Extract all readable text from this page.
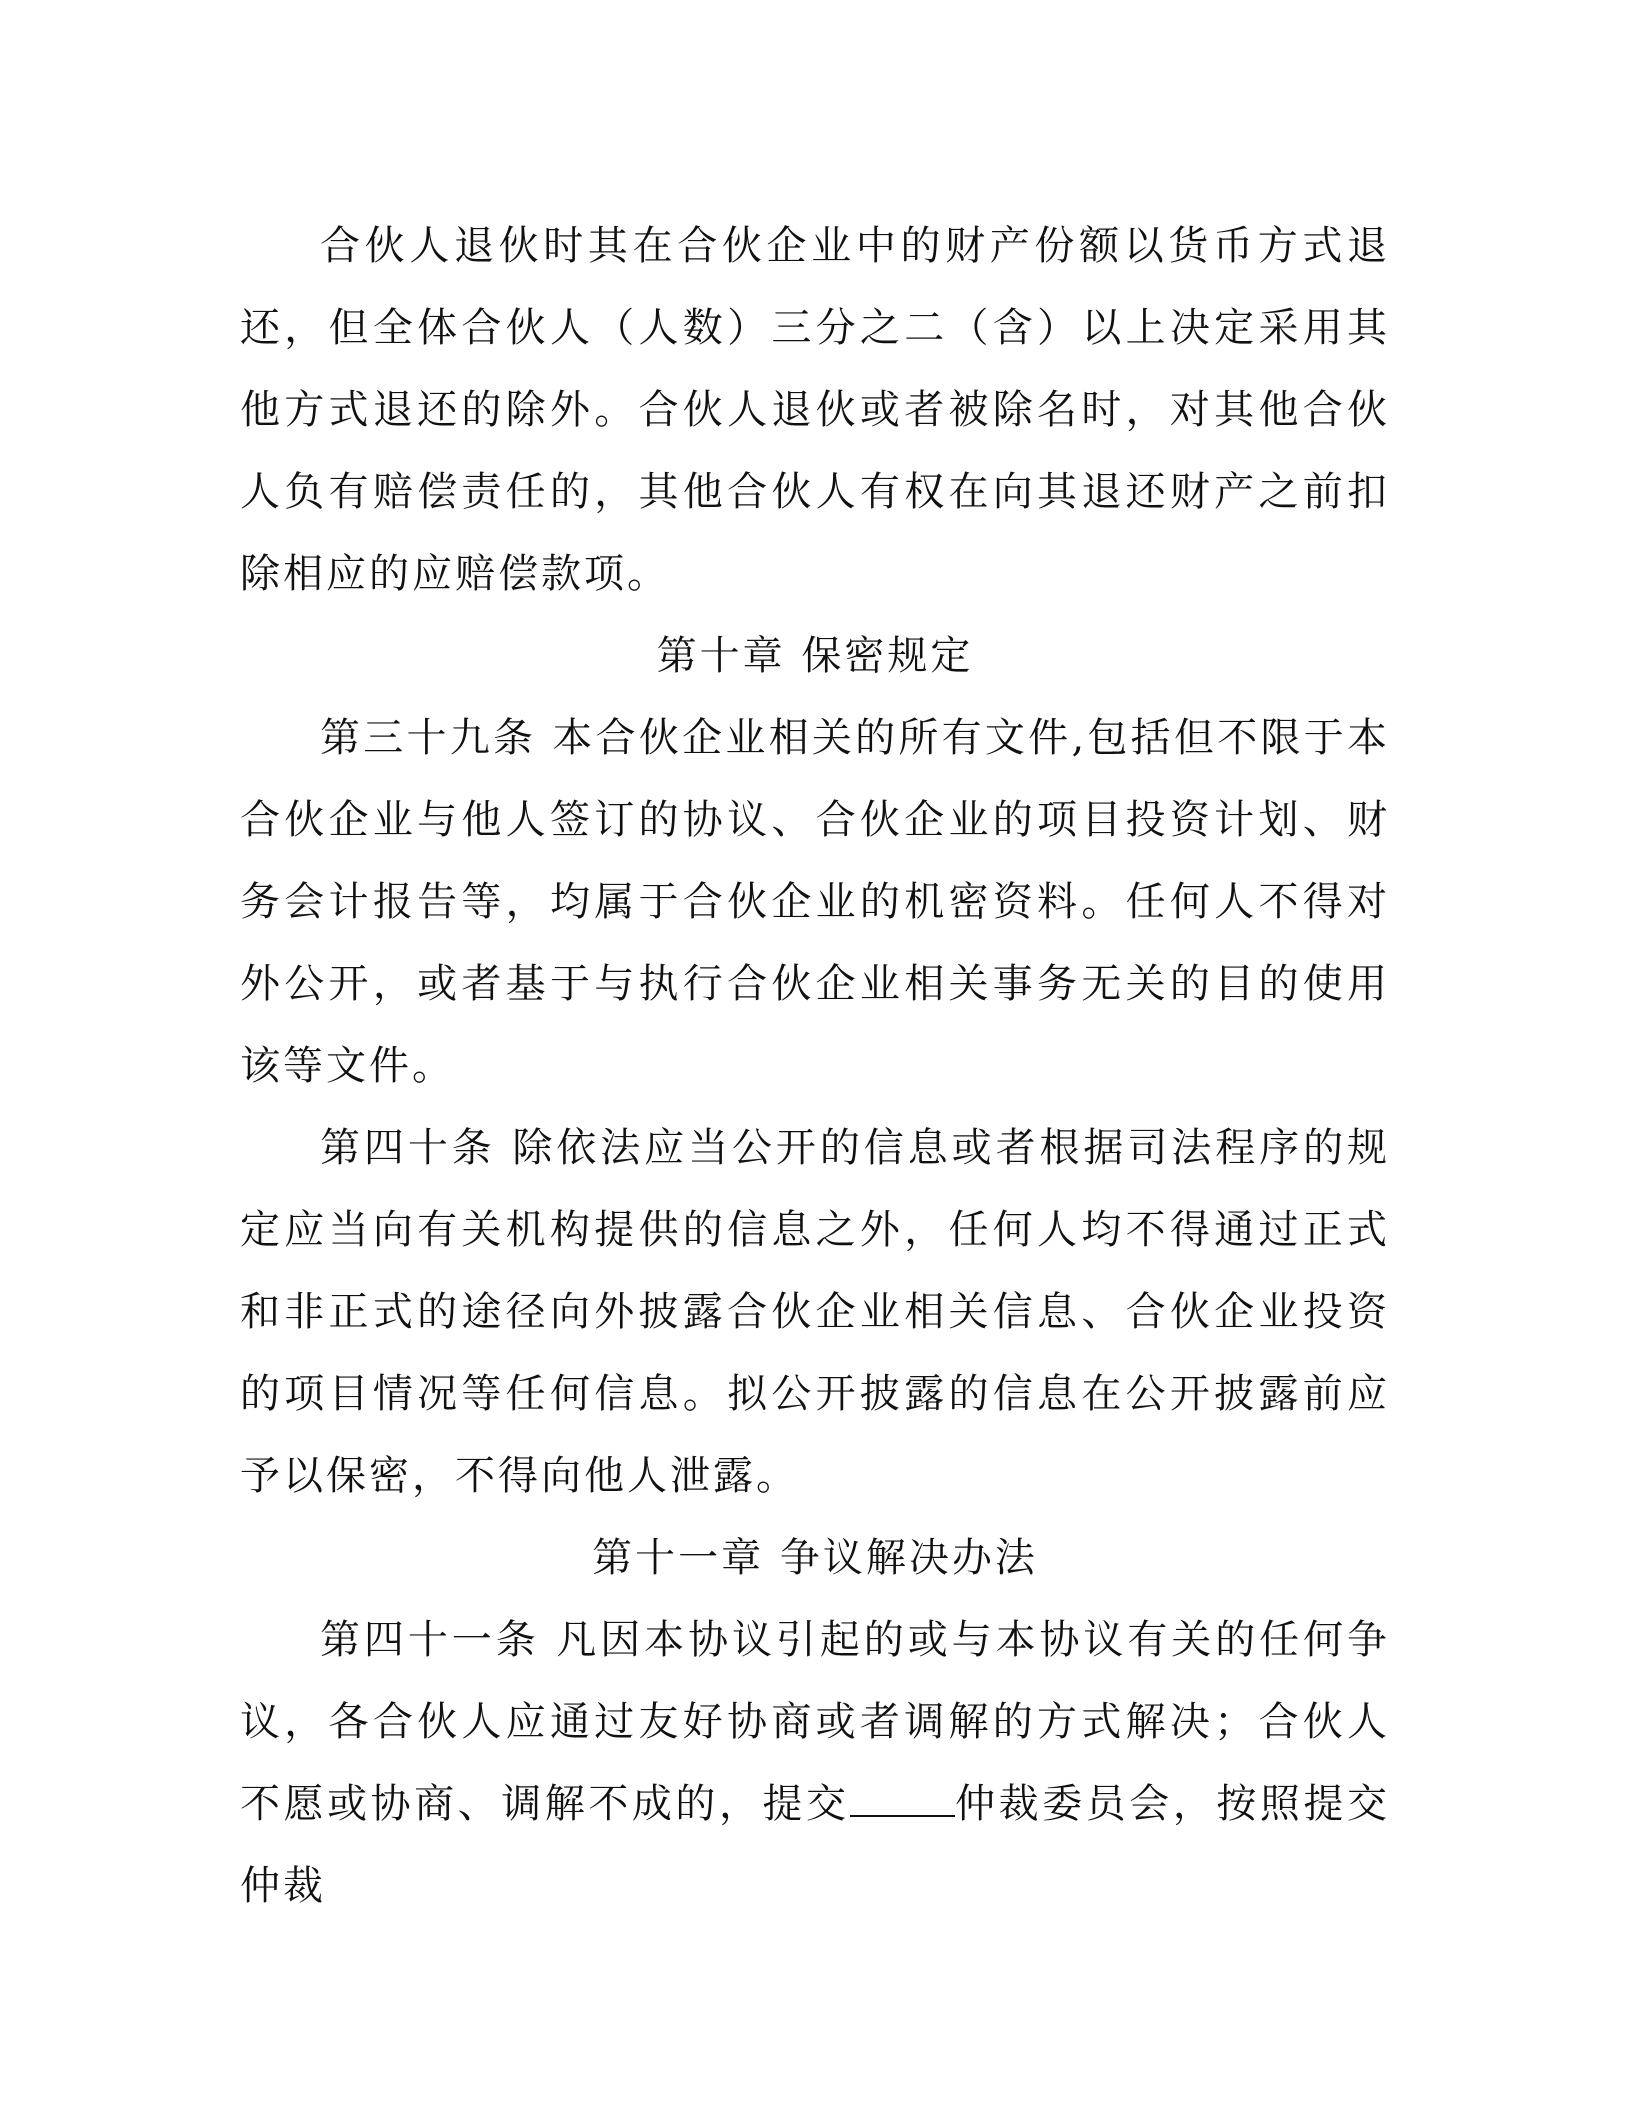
合伙人退伙时其在合伙企业中的财产份额以货币方式退还，但全体合伙人（人数）三分之二（含）以上决定采用其他方式退还的除外。合伙人退伙或者被除名时，对其他合伙人负有赔偿责任的，其他合伙人有权在向其退还财产之前扣除相应的应赔偿款项。

第十章 保密规定

第三十九条 本合伙企业相关的所有文件,包括但不限于本合伙企业与他人签订的协议、合伙企业的项目投资计划、财务会计报告等，均属于合伙企业的机密资料。任何人不得对外公开，或者基于与执行合伙企业相关事务无关的目的使用该等文件。

第四十条 除依法应当公开的信息或者根据司法程序的规定应当向有关机构提供的信息之外，任何人均不得通过正式和非正式的途径向外披露合伙企业相关信息、合伙企业投资的项目情况等任何信息。拟公开披露的信息在公开披露前应予以保密，不得向他人泄露。

第十一章 争议解决办法

第四十一条 凡因本协议引起的或与本协议有关的任何争议，各合伙人应通过友好协商或者调解的方式解决；合伙人不愿或协商、调解不成的，提交	仲裁委员会，按照提交仲裁
